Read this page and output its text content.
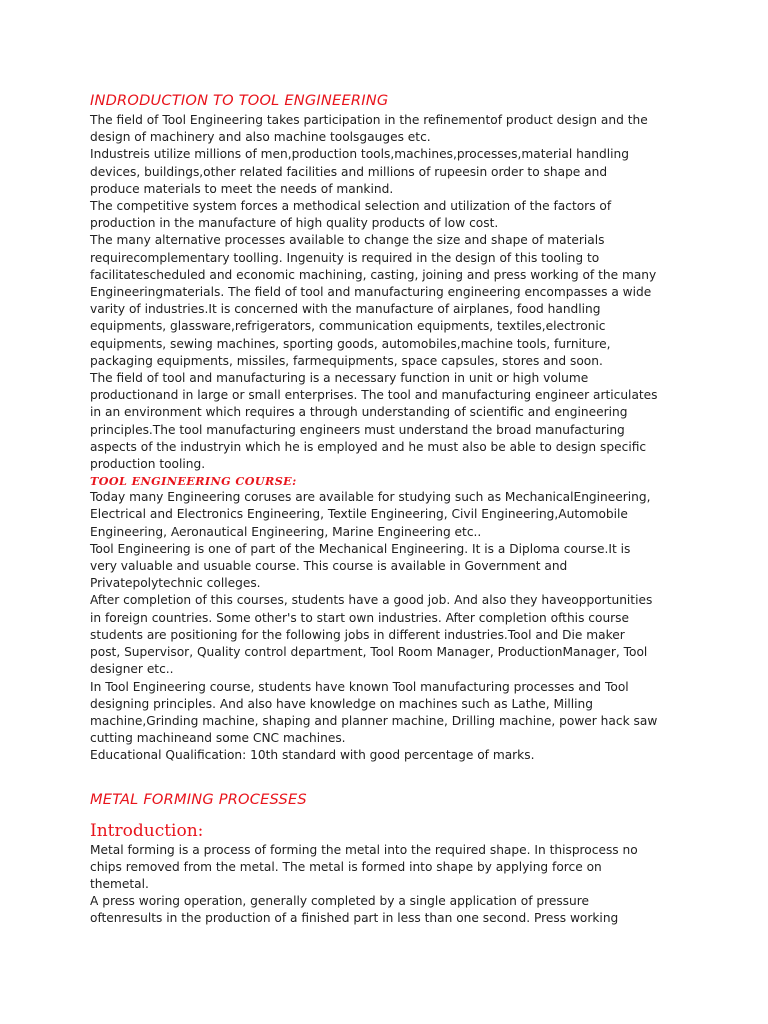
INDRODUCTION TO TOOL ENGINEERING
The field of Tool Engineering takes participation in the refinementof product design and the
design of machinery and also machine toolsgauges etc.
Industreis utilize millions of men,production tools,machines,processes,material handling
devices, buildings,other related facilities and millions of rupeesin order to shape and
produce materials to meet the needs of mankind.
The competitive system forces a methodical selection and utilization of the factors of
production in the manufacture of high quality products of low cost.
The many alternative processes available to change the size and shape of materials
requirecomplementary toolling. Ingenuity is required in the design of this tooling to
facilitatescheduled and economic machining, casting, joining and press working of the many
Engineeringmaterials. The field of tool and manufacturing engineering encompasses a wide
varity of industries.It is concerned with the manufacture of airplanes, food handling
equipments, glassware,refrigerators, communication equipments, textiles,electronic
equipments, sewing machines, sporting goods, automobiles,machine tools, furniture,
packaging equipments, missiles, farmequipments, space capsules, stores and soon.
The field of tool and manufacturing is a necessary function in unit or high volume
productionand in large or small enterprises. The tool and manufacturing engineer articulates
in an environment which requires a through understanding of scientific and engineering
principles.The tool manufacturing engineers must understand the broad manufacturing
aspects of the industryin which he is employed and he must also be able to design specific
production tooling.
TOOL ENGINEERING COURSE:
Today many Engineering coruses are available for studying such as MechanicalEngineering,
Electrical and Electronics Engineering, Textile Engineering, Civil Engineering,Automobile
Engineering, Aeronautical Engineering, Marine Engineering etc..
Tool Engineering is one of part of the Mechanical Engineering. It is a Diploma course.It is
very valuable and usuable course. This course is available in Government and
Privatepolytechnic colleges.
After completion of this courses, students have a good job. And also they haveopportunities
in foreign countries. Some other's to start own industries. After completion ofthis course
students are positioning for the following jobs in different industries.Tool and Die maker
post, Supervisor, Quality control department, Tool Room Manager, ProductionManager, Tool
designer etc..
In Tool Engineering course, students have known Tool manufacturing processes and Tool
designing principles. And also have knowledge on machines such as Lathe, Milling
machine,Grinding machine, shaping and planner machine, Drilling machine, power hack saw
cutting machineand some CNC machines.
Educational Qualification: 10th standard with good percentage of marks.
METAL FORMING PROCESSES
Introduction:
Metal forming is a process of forming the metal into the required shape. In thisprocess no
chips removed from the metal. The metal is formed into shape by applying force on
themetal.
A press woring operation, generally completed by a single application of pressure
oftenresults in the production of a finished part in less than one second. Press working
